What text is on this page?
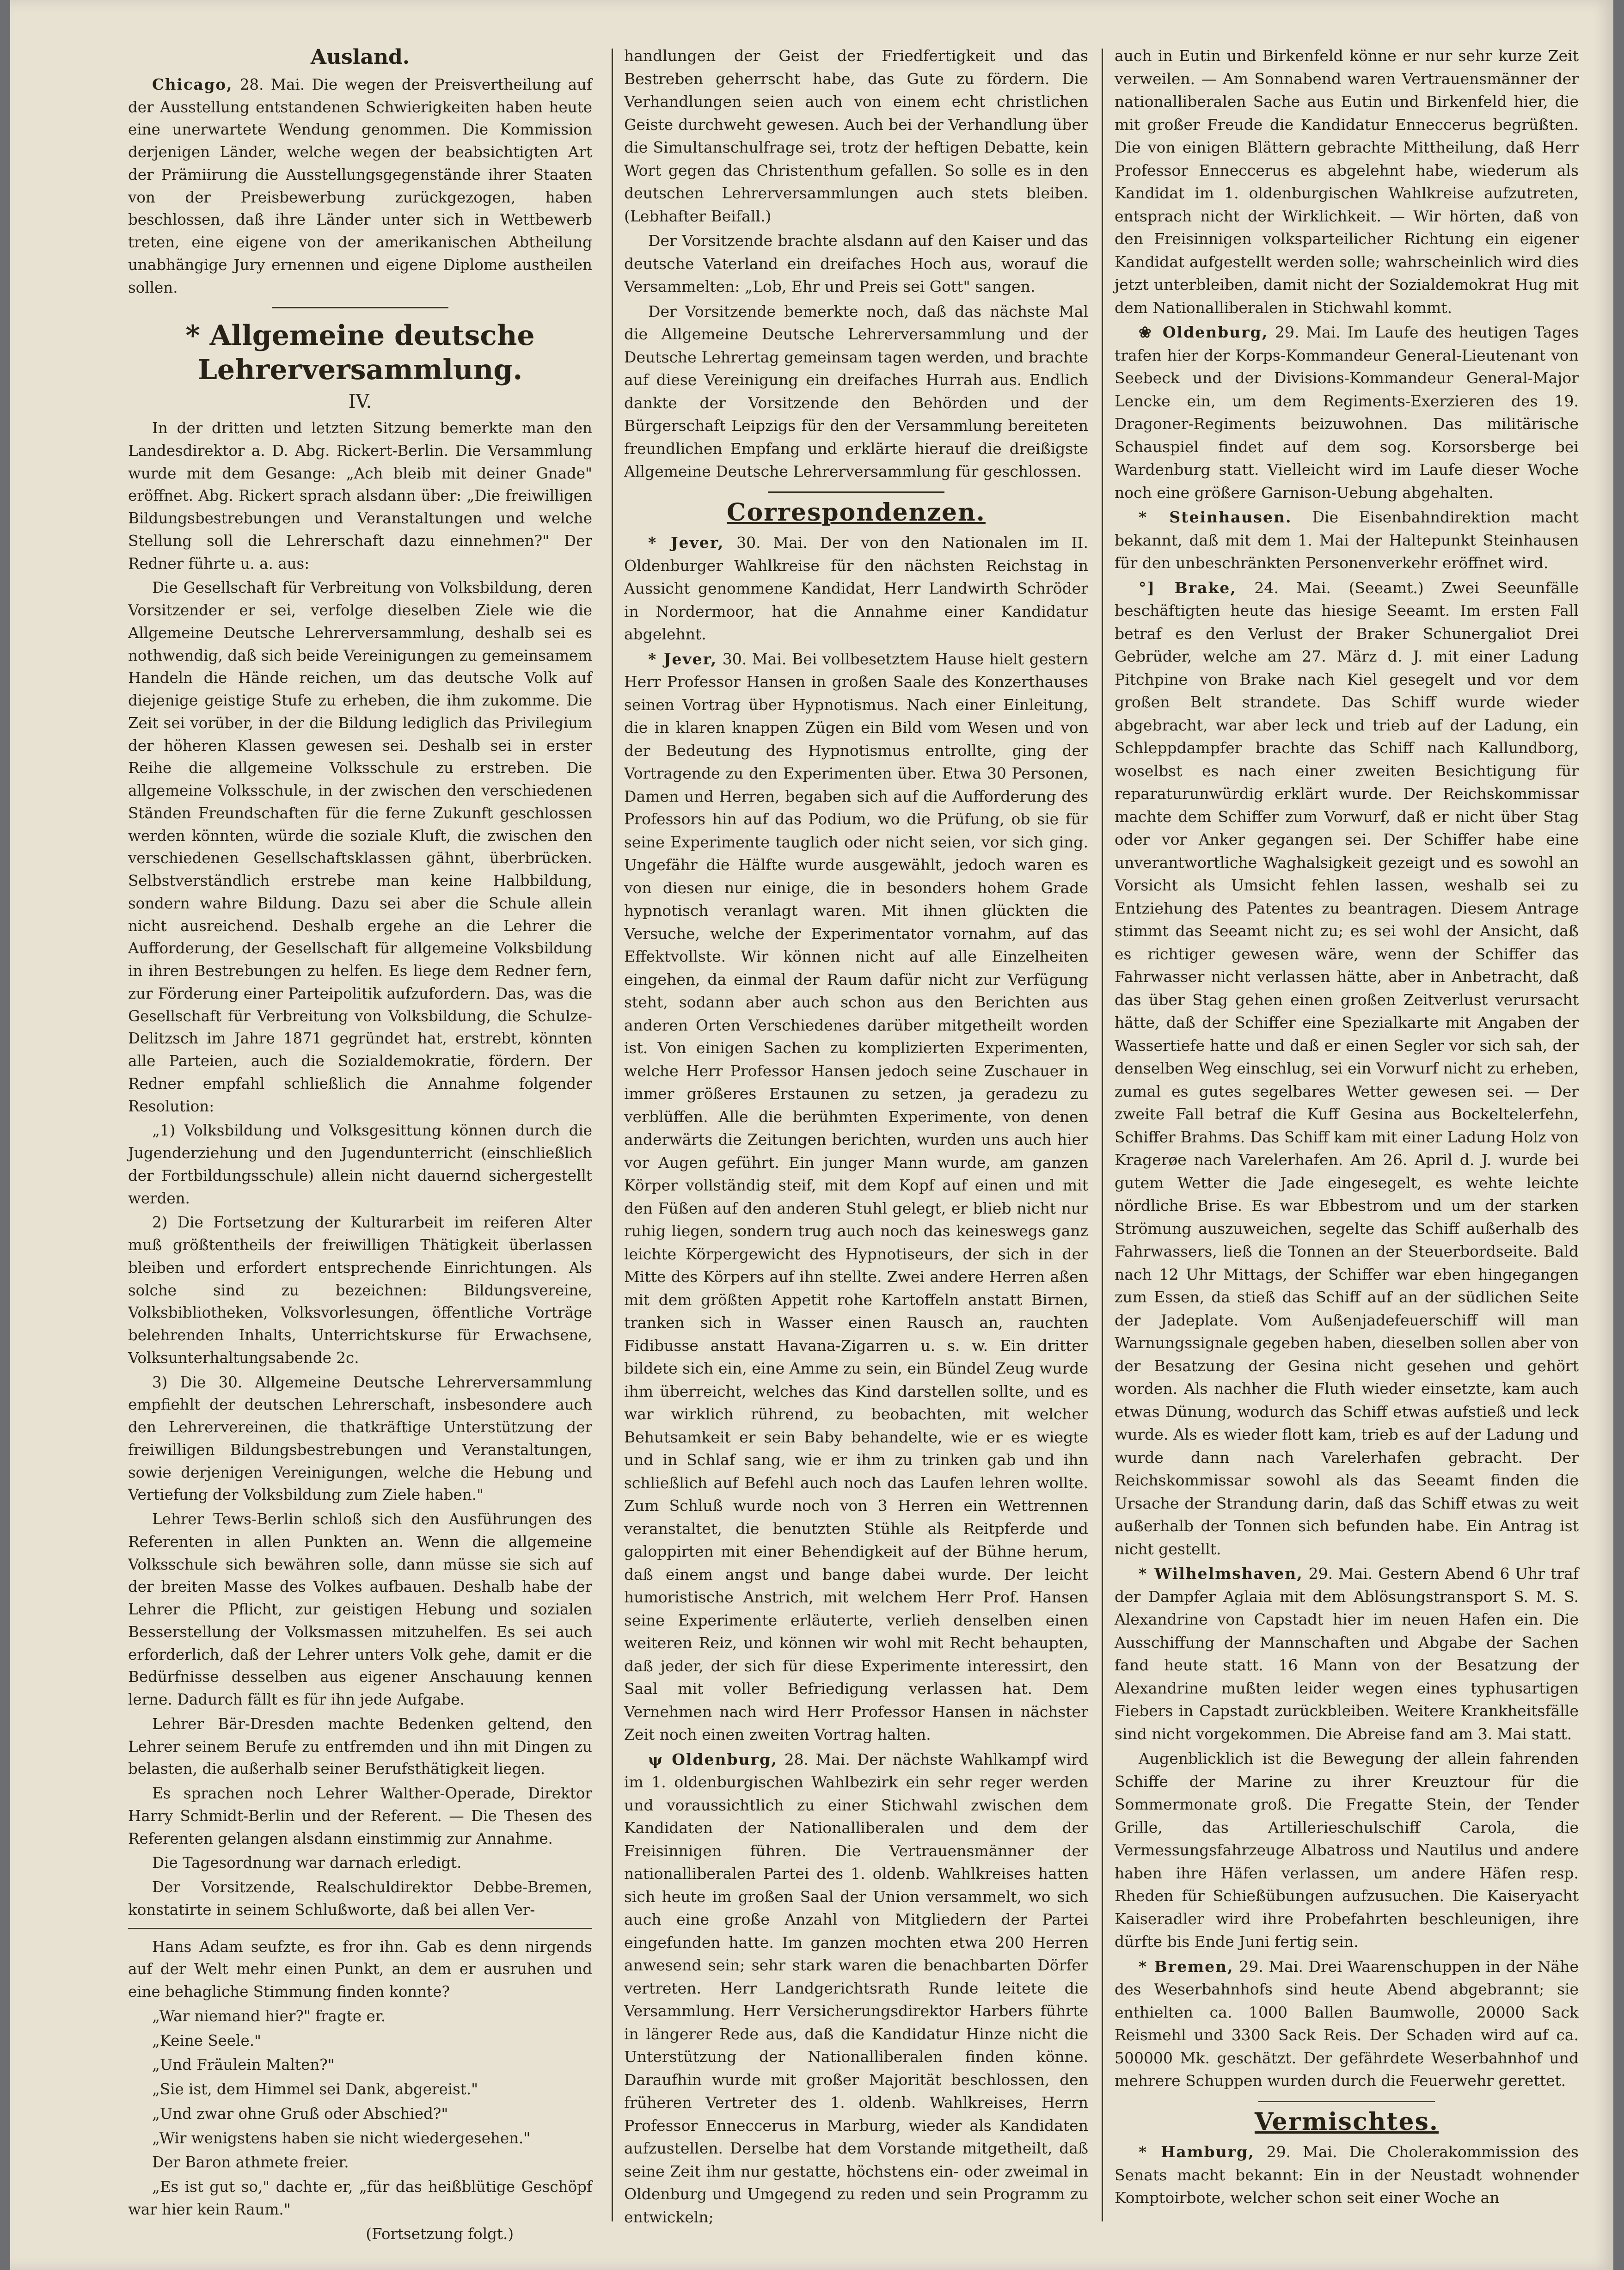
Ausland.

Chicago, 28. Mai. Die wegen der Preisvertheilung auf der Ausstellung entstandenen Schwierigkeiten haben heute eine unerwartete Wendung genommen. Die Kommission derjenigen Länder, welche wegen der beabsichtigten Art der Prämiirung die Ausstellungsgegenstände ihrer Staaten von der Preisbewerbung zurückgezogen, haben beschlossen, daß ihre Länder unter sich in Wettbewerb treten, eine eigene von der amerikanischen Abtheilung unabhängige Jury ernennen und eigene Diplome austheilen sollen.

* Allgemeine deutsche Lehrerversammlung.
IV.

In der dritten und letzten Sitzung bemerkte man den Landesdirektor a. D. Abg. Rickert-Berlin. Die Versammlung wurde mit dem Gesange: „Ach bleib mit deiner Gnade" eröffnet. Abg. Rickert sprach alsdann über: „Die freiwilligen Bildungsbestrebungen und Veranstaltungen und welche Stellung soll die Lehrerschaft dazu einnehmen?" Der Redner führte u. a. aus:

Die Gesellschaft für Verbreitung von Volksbildung, deren Vorsitzender er sei, verfolge dieselben Ziele wie die Allgemeine Deutsche Lehrerversammlung, deshalb sei es nothwendig, daß sich beide Vereinigungen zu gemeinsamem Handeln die Hände reichen, um das deutsche Volk auf diejenige geistige Stufe zu erheben, die ihm zukomme. Die Zeit sei vorüber, in der die Bildung lediglich das Privilegium der höheren Klassen gewesen sei. Deshalb sei in erster Reihe die allgemeine Volksschule zu erstreben. Die allgemeine Volksschule, in der zwischen den verschiedenen Ständen Freundschaften für die ferne Zukunft geschlossen werden könnten, würde die soziale Kluft, die zwischen den verschiedenen Gesellschaftsklassen gähnt, überbrücken. Selbstverständlich erstrebe man keine Halbbildung, sondern wahre Bildung. Dazu sei aber die Schule allein nicht ausreichend. Deshalb ergehe an die Lehrer die Aufforderung, der Gesellschaft für allgemeine Volksbildung in ihren Bestrebungen zu helfen. Es liege dem Redner fern, zur Förderung einer Parteipolitik aufzufordern. Das, was die Gesellschaft für Verbreitung von Volksbildung, die Schulze-Delitzsch im Jahre 1871 gegründet hat, erstrebt, könnten alle Parteien, auch die Sozialdemokratie, fördern. Der Redner empfahl schließlich die Annahme folgender Resolution:

„1) Volksbildung und Volksgesittung können durch die Jugenderziehung und den Jugendunterricht (einschließlich der Fortbildungsschule) allein nicht dauernd sichergestellt werden.

2) Die Fortsetzung der Kulturarbeit im reiferen Alter muß größtentheils der freiwilligen Thätigkeit überlassen bleiben und erfordert entsprechende Einrichtungen. Als solche sind zu bezeichnen: Bildungsvereine, Volksbibliotheken, Volksvorlesungen, öffentliche Vorträge belehrenden Inhalts, Unterrichtskurse für Erwachsene, Volksunterhaltungsabende 2c.

3) Die 30. Allgemeine Deutsche Lehrerversammlung empfiehlt der deutschen Lehrerschaft, insbesondere auch den Lehrervereinen, die thatkräftige Unterstützung der freiwilligen Bildungsbestrebungen und Veranstaltungen, sowie derjenigen Vereinigungen, welche die Hebung und Vertiefung der Volksbildung zum Ziele haben."

Lehrer Tews-Berlin schloß sich den Ausführungen des Referenten in allen Punkten an. Wenn die allgemeine Volksschule sich bewähren solle, dann müsse sie sich auf der breiten Masse des Volkes aufbauen. Deshalb habe der Lehrer die Pflicht, zur geistigen Hebung und sozialen Besserstellung der Volksmassen mitzuhelfen. Es sei auch erforderlich, daß der Lehrer unters Volk gehe, damit er die Bedürfnisse desselben aus eigener Anschauung kennen lerne. Dadurch fällt es für ihn jede Aufgabe.

Lehrer Bär-Dresden machte Bedenken geltend, den Lehrer seinem Berufe zu entfremden und ihn mit Dingen zu belasten, die außerhalb seiner Berufsthätigkeit liegen.

Es sprachen noch Lehrer Walther-Operade, Direktor Harry Schmidt-Berlin und der Referent. — Die Thesen des Referenten gelangen alsdann einstimmig zur Annahme.

Die Tagesordnung war darnach erledigt.

Der Vorsitzende, Realschuldirektor Debbe-Bremen, konstatirte in seinem Schlußworte, daß bei allen Ver-

Hans Adam seufzte, es fror ihn. Gab es denn nirgends auf der Welt mehr einen Punkt, an dem er ausruhen und eine behagliche Stimmung finden konnte?

„War niemand hier?" fragte er.

„Keine Seele."

„Und Fräulein Malten?"

„Sie ist, dem Himmel sei Dank, abgereist."

„Und zwar ohne Gruß oder Abschied?"

„Wir wenigstens haben sie nicht wiedergesehen."

Der Baron athmete freier.

„Es ist gut so," dachte er, „für das heißblütige Geschöpf war hier kein Raum."

(Fortsetzung folgt.)

handlungen der Geist der Friedfertigkeit und das Bestreben geherrscht habe, das Gute zu fördern. Die Verhandlungen seien auch von einem echt christlichen Geiste durchweht gewesen. Auch bei der Verhandlung über die Simultanschulfrage sei, trotz der heftigen Debatte, kein Wort gegen das Christenthum gefallen. So solle es in den deutschen Lehrerversammlungen auch stets bleiben. (Lebhafter Beifall.)

Der Vorsitzende brachte alsdann auf den Kaiser und das deutsche Vaterland ein dreifaches Hoch aus, worauf die Versammelten: „Lob, Ehr und Preis sei Gott" sangen.

Der Vorsitzende bemerkte noch, daß das nächste Mal die Allgemeine Deutsche Lehrerversammlung und der Deutsche Lehrertag gemeinsam tagen werden, und brachte auf diese Vereinigung ein dreifaches Hurrah aus. Endlich dankte der Vorsitzende den Behörden und der Bürgerschaft Leipzigs für den der Versammlung bereiteten freundlichen Empfang und erklärte hierauf die dreißigste Allgemeine Deutsche Lehrerversammlung für geschlossen.

Correspondenzen.

* Jever, 30. Mai. Der von den Nationalen im II. Oldenburger Wahlkreise für den nächsten Reichstag in Aussicht genommene Kandidat, Herr Landwirth Schröder in Nordermoor, hat die Annahme einer Kandidatur abgelehnt.

* Jever, 30. Mai. Bei vollbesetztem Hause hielt gestern Herr Professor Hansen in großen Saale des Konzerthauses seinen Vortrag über Hypnotismus. Nach einer Einleitung, die in klaren knappen Zügen ein Bild vom Wesen und von der Bedeutung des Hypnotismus entrollte, ging der Vortragende zu den Experimenten über. Etwa 30 Personen, Damen und Herren, begaben sich auf die Aufforderung des Professors hin auf das Podium, wo die Prüfung, ob sie für seine Experimente tauglich oder nicht seien, vor sich ging. Ungefähr die Hälfte wurde ausgewählt, jedoch waren es von diesen nur einige, die in besonders hohem Grade hypnotisch veranlagt waren. Mit ihnen glückten die Versuche, welche der Experimentator vornahm, auf das Effektvollste. Wir können nicht auf alle Einzelheiten eingehen, da einmal der Raum dafür nicht zur Verfügung steht, sodann aber auch schon aus den Berichten aus anderen Orten Verschiedenes darüber mitgetheilt worden ist. Von einigen Sachen zu komplizierten Experimenten, welche Herr Professor Hansen jedoch seine Zuschauer in immer größeres Erstaunen zu setzen, ja geradezu zu verblüffen. Alle die berühmten Experimente, von denen anderwärts die Zeitungen berichten, wurden uns auch hier vor Augen geführt. Ein junger Mann wurde, am ganzen Körper vollständig steif, mit dem Kopf auf einen und mit den Füßen auf den anderen Stuhl gelegt, er blieb nicht nur ruhig liegen, sondern trug auch noch das keineswegs ganz leichte Körpergewicht des Hypnotiseurs, der sich in der Mitte des Körpers auf ihn stellte. Zwei andere Herren aßen mit dem größten Appetit rohe Kartoffeln anstatt Birnen, tranken sich in Wasser einen Rausch an, rauchten Fidibusse anstatt Havana-Zigarren u. s. w. Ein dritter bildete sich ein, eine Amme zu sein, ein Bündel Zeug wurde ihm überreicht, welches das Kind darstellen sollte, und es war wirklich rührend, zu beobachten, mit welcher Behutsamkeit er sein Baby behandelte, wie er es wiegte und in Schlaf sang, wie er ihm zu trinken gab und ihn schließlich auf Befehl auch noch das Laufen lehren wollte. Zum Schluß wurde noch von 3 Herren ein Wettrennen veranstaltet, die benutzten Stühle als Reitpferde und galoppirten mit einer Behendigkeit auf der Bühne herum, daß einem angst und bange dabei wurde. Der leicht humoristische Anstrich, mit welchem Herr Prof. Hansen seine Experimente erläuterte, verlieh denselben einen weiteren Reiz, und können wir wohl mit Recht behaupten, daß jeder, der sich für diese Experimente interessirt, den Saal mit voller Befriedigung verlassen hat. Dem Vernehmen nach wird Herr Professor Hansen in nächster Zeit noch einen zweiten Vortrag halten.

ψ Oldenburg, 28. Mai. Der nächste Wahlkampf wird im 1. oldenburgischen Wahlbezirk ein sehr reger werden und voraussichtlich zu einer Stichwahl zwischen dem Kandidaten der Nationalliberalen und dem der Freisinnigen führen. Die Vertrauensmänner der nationalliberalen Partei des 1. oldenb. Wahlkreises hatten sich heute im großen Saal der Union versammelt, wo sich auch eine große Anzahl von Mitgliedern der Partei eingefunden hatte. Im ganzen mochten etwa 200 Herren anwesend sein; sehr stark waren die benachbarten Dörfer vertreten. Herr Landgerichtsrath Runde leitete die Versammlung. Herr Versicherungsdirektor Harbers führte in längerer Rede aus, daß die Kandidatur Hinze nicht die Unterstützung der Nationalliberalen finden könne. Daraufhin wurde mit großer Majorität beschlossen, den früheren Vertreter des 1. oldenb. Wahlkreises, Herrn Professor Enneccerus in Marburg, wieder als Kandidaten aufzustellen. Derselbe hat dem Vorstande mitgetheilt, daß seine Zeit ihm nur gestatte, höchstens ein- oder zweimal in Oldenburg und Umgegend zu reden und sein Programm zu entwickeln;

auch in Eutin und Birkenfeld könne er nur sehr kurze Zeit verweilen. — Am Sonnabend waren Vertrauensmänner der nationalliberalen Sache aus Eutin und Birkenfeld hier, die mit großer Freude die Kandidatur Enneccerus begrüßten. Die von einigen Blättern gebrachte Mittheilung, daß Herr Professor Enneccerus es abgelehnt habe, wiederum als Kandidat im 1. oldenburgischen Wahlkreise aufzutreten, entsprach nicht der Wirklichkeit. — Wir hörten, daß von den Freisinnigen volksparteilicher Richtung ein eigener Kandidat aufgestellt werden solle; wahrscheinlich wird dies jetzt unterbleiben, damit nicht der Sozialdemokrat Hug mit dem Nationalliberalen in Stichwahl kommt.

❀ Oldenburg, 29. Mai. Im Laufe des heutigen Tages trafen hier der Korps-Kommandeur General-Lieutenant von Seebeck und der Divisions-Kommandeur General-Major Lencke ein, um dem Regiments-Exerzieren des 19. Dragoner-Regiments beizuwohnen. Das militärische Schauspiel findet auf dem sog. Korsorsberge bei Wardenburg statt. Vielleicht wird im Laufe dieser Woche noch eine größere Garnison-Uebung abgehalten.

* Steinhausen. Die Eisenbahndirektion macht bekannt, daß mit dem 1. Mai der Haltepunkt Steinhausen für den unbeschränkten Personenverkehr eröffnet wird.

°] Brake, 24. Mai. (Seeamt.) Zwei Seeunfälle beschäftigten heute das hiesige Seeamt. Im ersten Fall betraf es den Verlust der Braker Schunergaliot Drei Gebrüder, welche am 27. März d. J. mit einer Ladung Pitchpine von Brake nach Kiel gesegelt und vor dem großen Belt strandete. Das Schiff wurde wieder abgebracht, war aber leck und trieb auf der Ladung, ein Schleppdampfer brachte das Schiff nach Kallundborg, woselbst es nach einer zweiten Besichtigung für reparaturunwürdig erklärt wurde. Der Reichskommissar machte dem Schiffer zum Vorwurf, daß er nicht über Stag oder vor Anker gegangen sei. Der Schiffer habe eine unverantwortliche Waghalsigkeit gezeigt und es sowohl an Vorsicht als Umsicht fehlen lassen, weshalb sei zu Entziehung des Patentes zu beantragen. Diesem Antrage stimmt das Seeamt nicht zu; es sei wohl der Ansicht, daß es richtiger gewesen wäre, wenn der Schiffer das Fahrwasser nicht verlassen hätte, aber in Anbetracht, daß das über Stag gehen einen großen Zeitverlust verursacht hätte, daß der Schiffer eine Spezialkarte mit Angaben der Wassertiefe hatte und daß er einen Segler vor sich sah, der denselben Weg einschlug, sei ein Vorwurf nicht zu erheben, zumal es gutes segelbares Wetter gewesen sei. — Der zweite Fall betraf die Kuff Gesina aus Bockeltelerfehn, Schiffer Brahms. Das Schiff kam mit einer Ladung Holz von Kragerøe nach Varelerhafen. Am 26. April d. J. wurde bei gutem Wetter die Jade eingesegelt, es wehte leichte nördliche Brise. Es war Ebbestrom und um der starken Strömung auszuweichen, segelte das Schiff außerhalb des Fahrwassers, ließ die Tonnen an der Steuerbordseite. Bald nach 12 Uhr Mittags, der Schiffer war eben hingegangen zum Essen, da stieß das Schiff auf an der südlichen Seite der Jadeplate. Vom Außenjadefeuerschiff will man Warnungssignale gegeben haben, dieselben sollen aber von der Besatzung der Gesina nicht gesehen und gehört worden. Als nachher die Fluth wieder einsetzte, kam auch etwas Dünung, wodurch das Schiff etwas aufstieß und leck wurde. Als es wieder flott kam, trieb es auf der Ladung und wurde dann nach Varelerhafen gebracht. Der Reichskommissar sowohl als das Seeamt finden die Ursache der Strandung darin, daß das Schiff etwas zu weit außerhalb der Tonnen sich befunden habe. Ein Antrag ist nicht gestellt.

* Wilhelmshaven, 29. Mai. Gestern Abend 6 Uhr traf der Dampfer Aglaia mit dem Ablösungstransport S. M. S. Alexandrine von Capstadt hier im neuen Hafen ein. Die Ausschiffung der Mannschaften und Abgabe der Sachen fand heute statt. 16 Mann von der Besatzung der Alexandrine mußten leider wegen eines typhusartigen Fiebers in Capstadt zurückbleiben. Weitere Krankheitsfälle sind nicht vorgekommen. Die Abreise fand am 3. Mai statt.

Augenblicklich ist die Bewegung der allein fahrenden Schiffe der Marine zu ihrer Kreuztour für die Sommermonate groß. Die Fregatte Stein, der Tender Grille, das Artillerieschulschiff Carola, die Vermessungsfahrzeuge Albatross und Nautilus und andere haben ihre Häfen verlassen, um andere Häfen resp. Rheden für Schießübungen aufzusuchen. Die Kaiseryacht Kaiseradler wird ihre Probefahrten beschleunigen, ihre dürfte bis Ende Juni fertig sein.

* Bremen, 29. Mai. Drei Waarenschuppen in der Nähe des Weserbahnhofs sind heute Abend abgebrannt; sie enthielten ca. 1000 Ballen Baumwolle, 20000 Sack Reismehl und 3300 Sack Reis. Der Schaden wird auf ca. 500000 Mk. geschätzt. Der gefährdete Weserbahnhof und mehrere Schuppen wurden durch die Feuerwehr gerettet.

Vermischtes.

* Hamburg, 29. Mai. Die Cholerakommission des Senats macht bekannt: Ein in der Neustadt wohnender Komptoirbote, welcher schon seit einer Woche an
